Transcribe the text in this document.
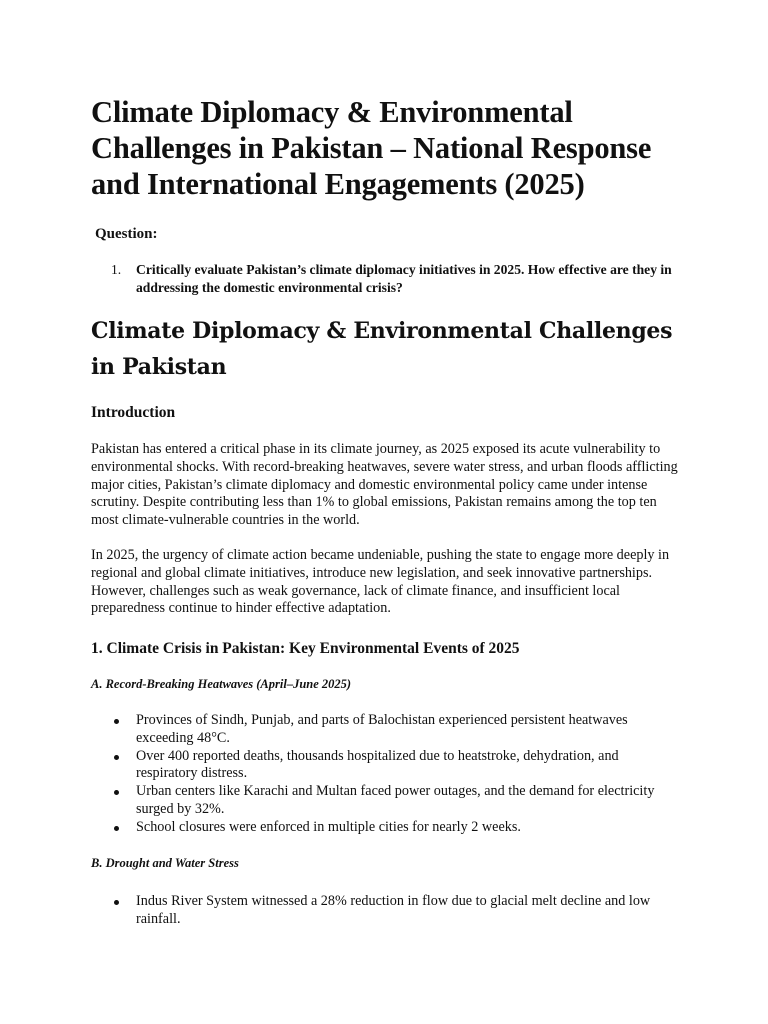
Climate Diplomacy & Environmental Challenges in Pakistan – National Response and International Engagements (2025)

Question:

1. Critically evaluate Pakistan’s climate diplomacy initiatives in 2025. How effective are they in addressing the domestic environmental crisis?
Climate Diplomacy & Environmental Challenges in Pakistan
Introduction

Pakistan has entered a critical phase in its climate journey, as 2025 exposed its acute vulnerability to environmental shocks. With record-breaking heatwaves, severe water stress, and urban floods afflicting major cities, Pakistan’s climate diplomacy and domestic environmental policy came under intense scrutiny. Despite contributing less than 1% to global emissions, Pakistan remains among the top ten most climate-vulnerable countries in the world.

In 2025, the urgency of climate action became undeniable, pushing the state to engage more deeply in regional and global climate initiatives, introduce new legislation, and seek innovative partnerships. However, challenges such as weak governance, lack of climate finance, and insufficient local preparedness continue to hinder effective adaptation.

1. Climate Crisis in Pakistan: Key Environmental Events of 2025
A. Record-Breaking Heatwaves (April–June 2025)
Provinces of Sindh, Punjab, and parts of Balochistan experienced persistent heatwaves exceeding 48°C.
Over 400 reported deaths, thousands hospitalized due to heatstroke, dehydration, and respiratory distress.
Urban centers like Karachi and Multan faced power outages, and the demand for electricity surged by 32%.
School closures were enforced in multiple cities for nearly 2 weeks.
B. Drought and Water Stress
Indus River System witnessed a 28% reduction in flow due to glacial melt decline and low rainfall.
